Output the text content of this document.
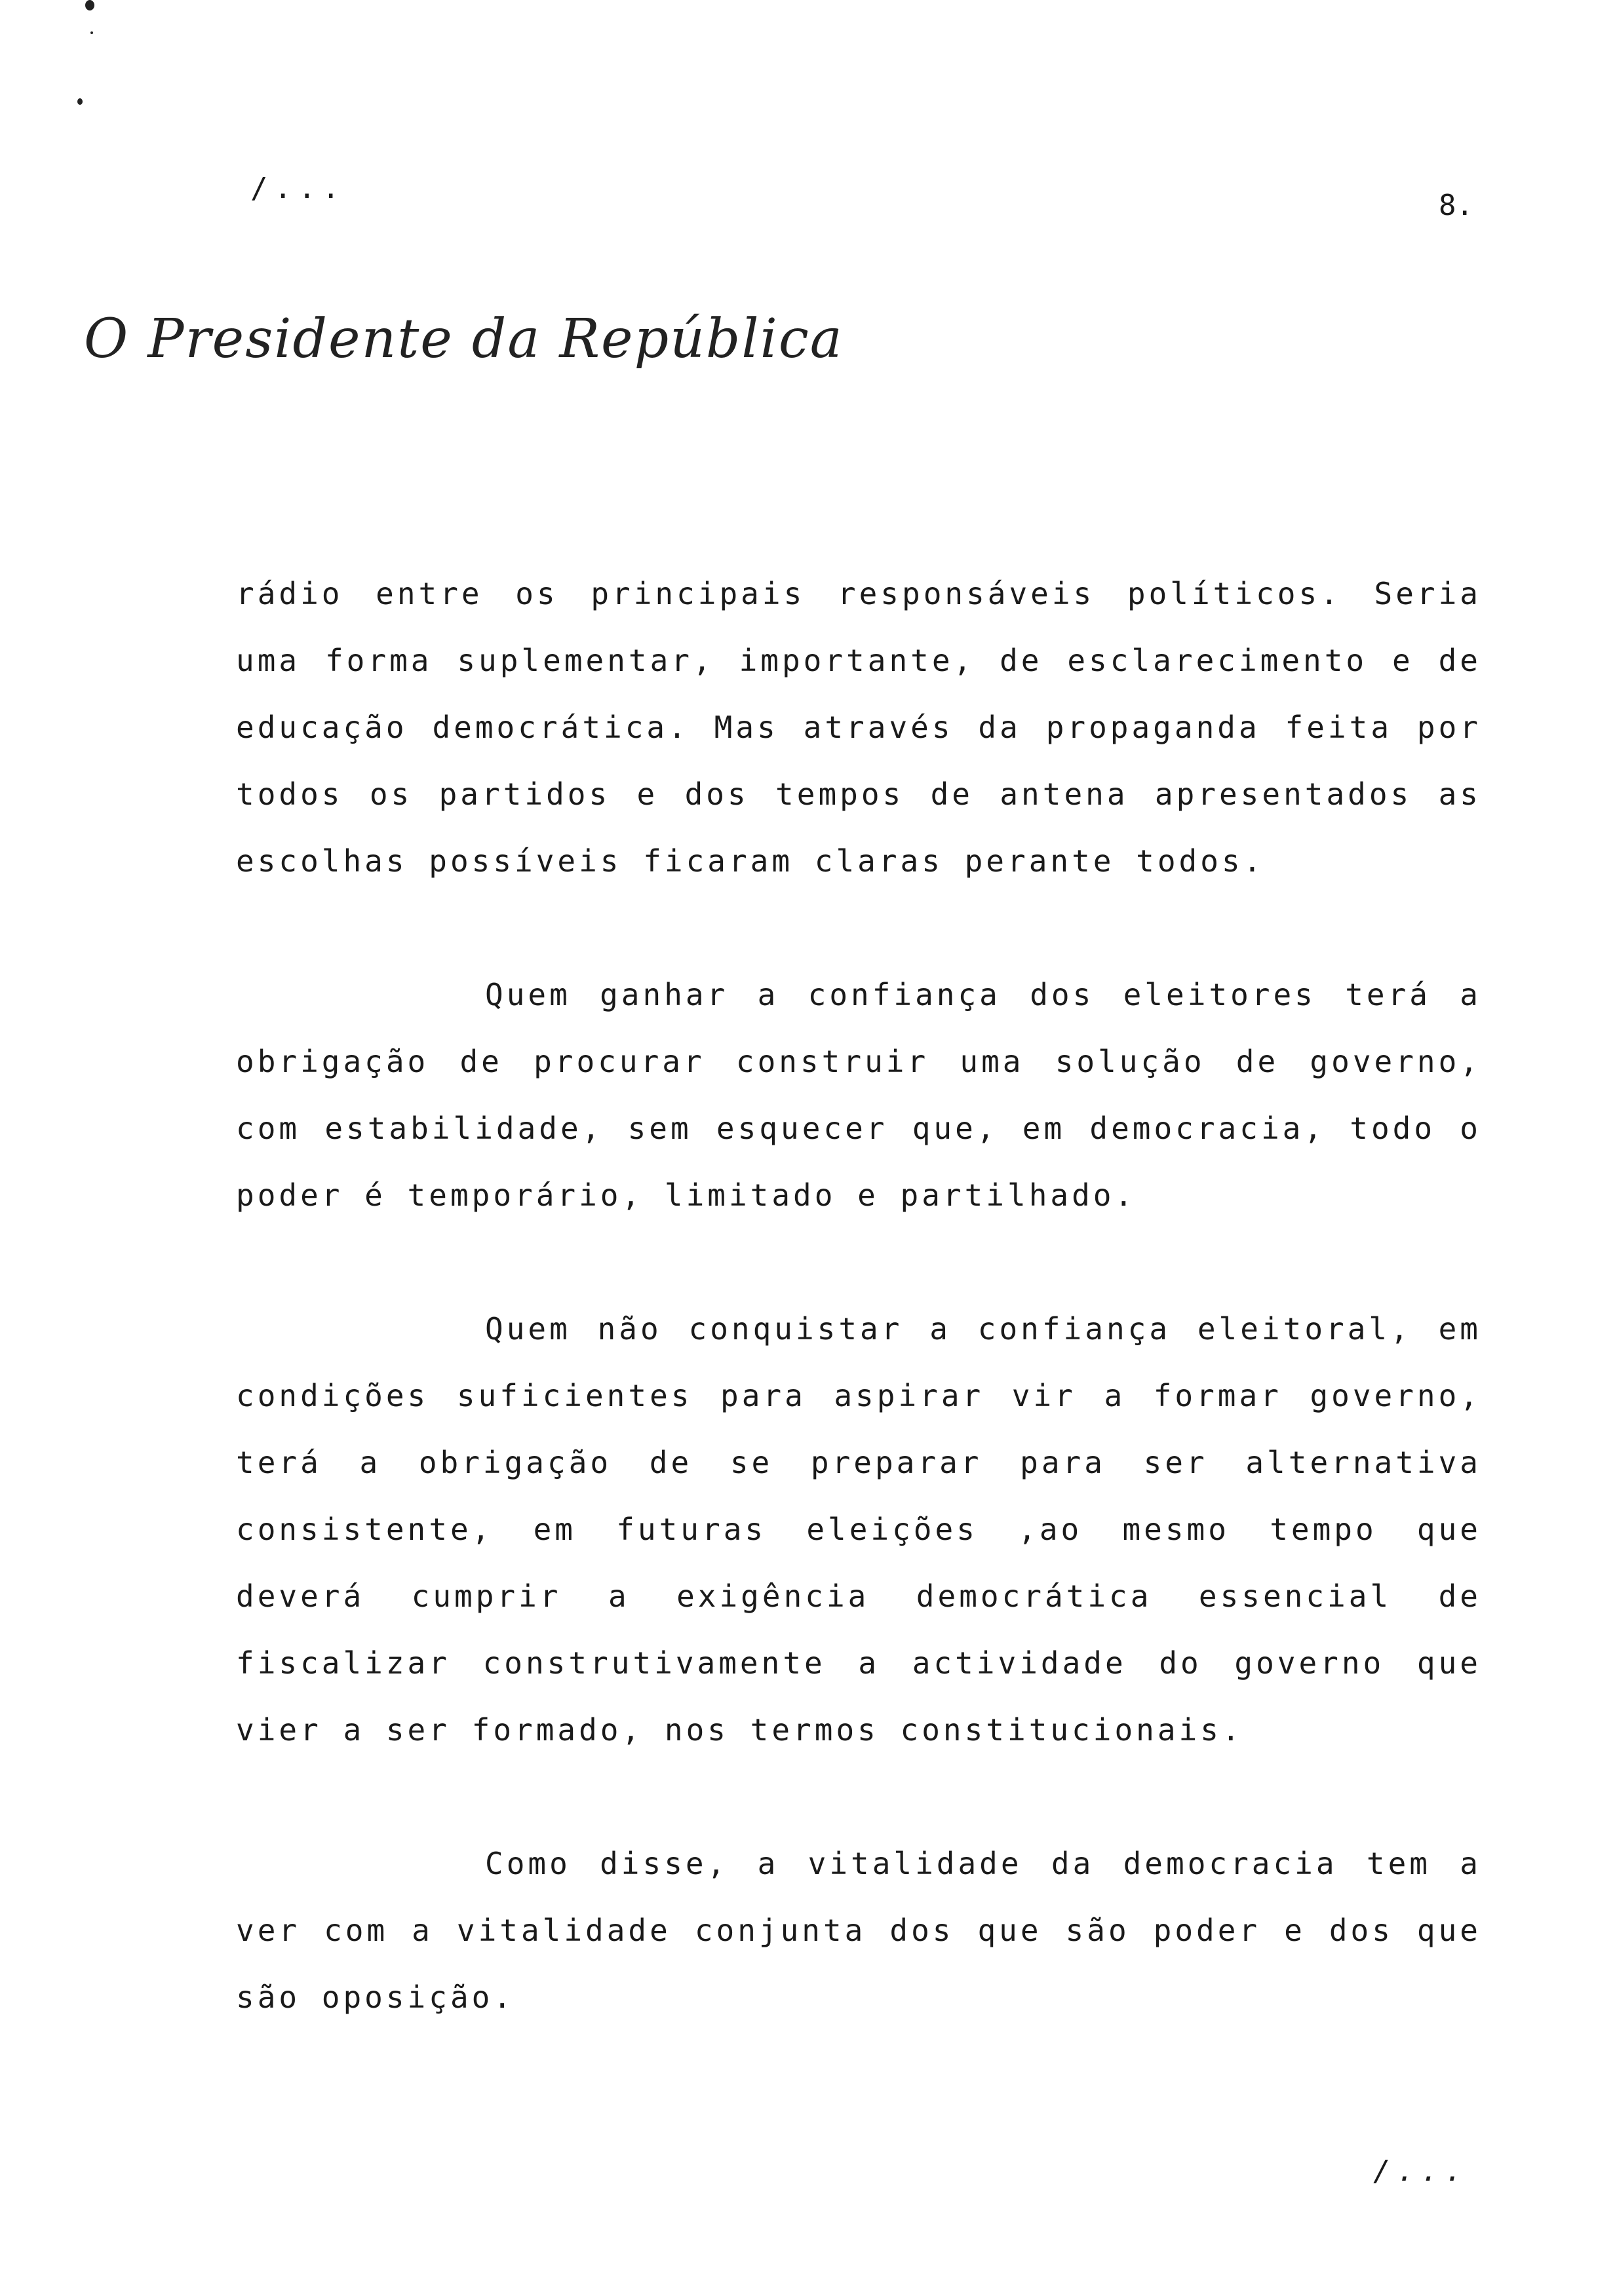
/...
8.
O Presidente da República

rádio entre os principais responsáveis políticos. Seria uma forma suplementar, importante, de esclarecimento e de educação democrática. Mas através da propaganda feita por todos os partidos e dos tempos de antena apresentados as escolhas possíveis ficaram claras perante todos.

Quem ganhar a confiança dos eleitores terá a obrigação de procurar construir uma solução de governo, com estabilidade, sem esquecer que, em democracia, todo o poder é temporário, limitado e partilhado.

Quem não conquistar a confiança eleitoral, em condições suficientes para aspirar vir a formar governo, terá a obrigação de se preparar para ser alternativa consistente, em futuras eleições ,ao mesmo tempo que deverá cumprir a exigência democrática essencial de fiscalizar construtivamente a actividade do governo que vier a ser formado, nos termos constitucionais.

Como disse, a vitalidade da democracia tem a ver com a vitalidade conjunta dos que são poder e dos que são oposição.

/...
